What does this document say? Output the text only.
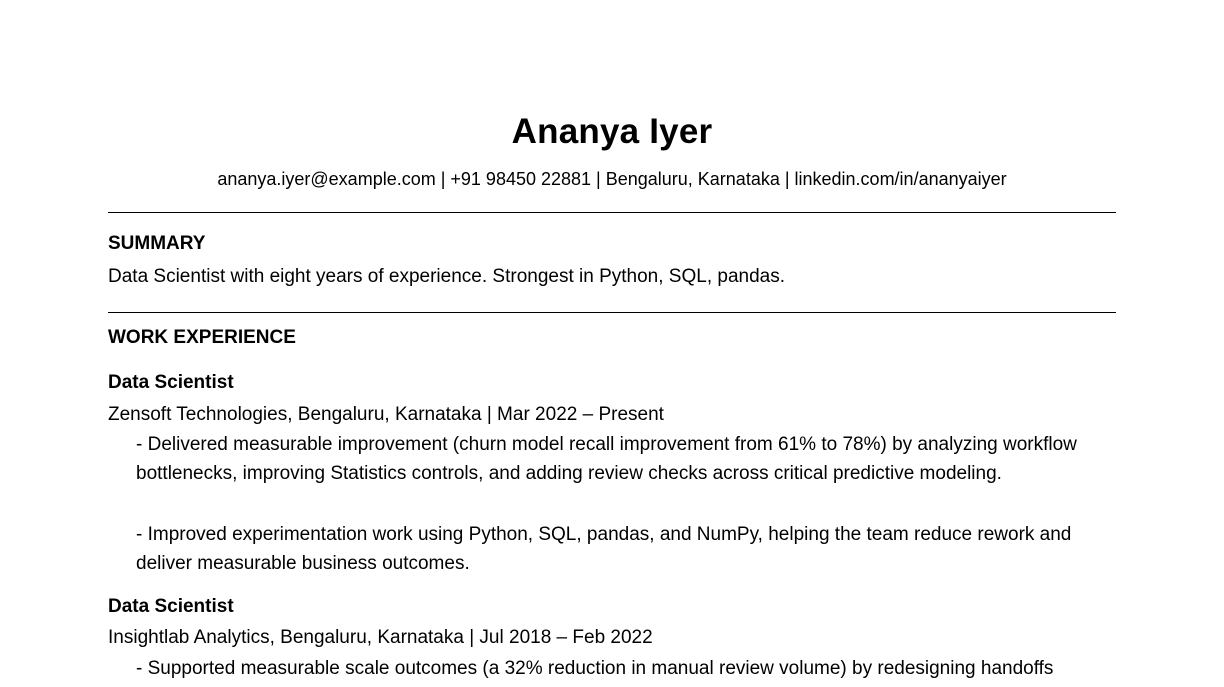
Ananya Iyer
ananya.iyer@example.com | +91 98450 22881 | Bengaluru, Karnataka | linkedin.com/in/ananyaiyer
SUMMARY
Data Scientist with eight years of experience. Strongest in Python, SQL, pandas.
WORK EXPERIENCE
Data Scientist
Zensoft Technologies, Bengaluru, Karnataka | Mar 2022 – Present
- Delivered measurable improvement (churn model recall improvement from 61% to 78%) by analyzing workflow bottlenecks, improving Statistics controls, and adding review checks across critical predictive modeling.
- Improved experimentation work using Python, SQL, pandas, and NumPy, helping the team reduce rework and deliver measurable business outcomes.
Data Scientist
Insightlab Analytics, Bengaluru, Karnataka | Jul 2018 – Feb 2022
- Supported measurable scale outcomes (a 32% reduction in manual review volume) by redesigning handoffs
